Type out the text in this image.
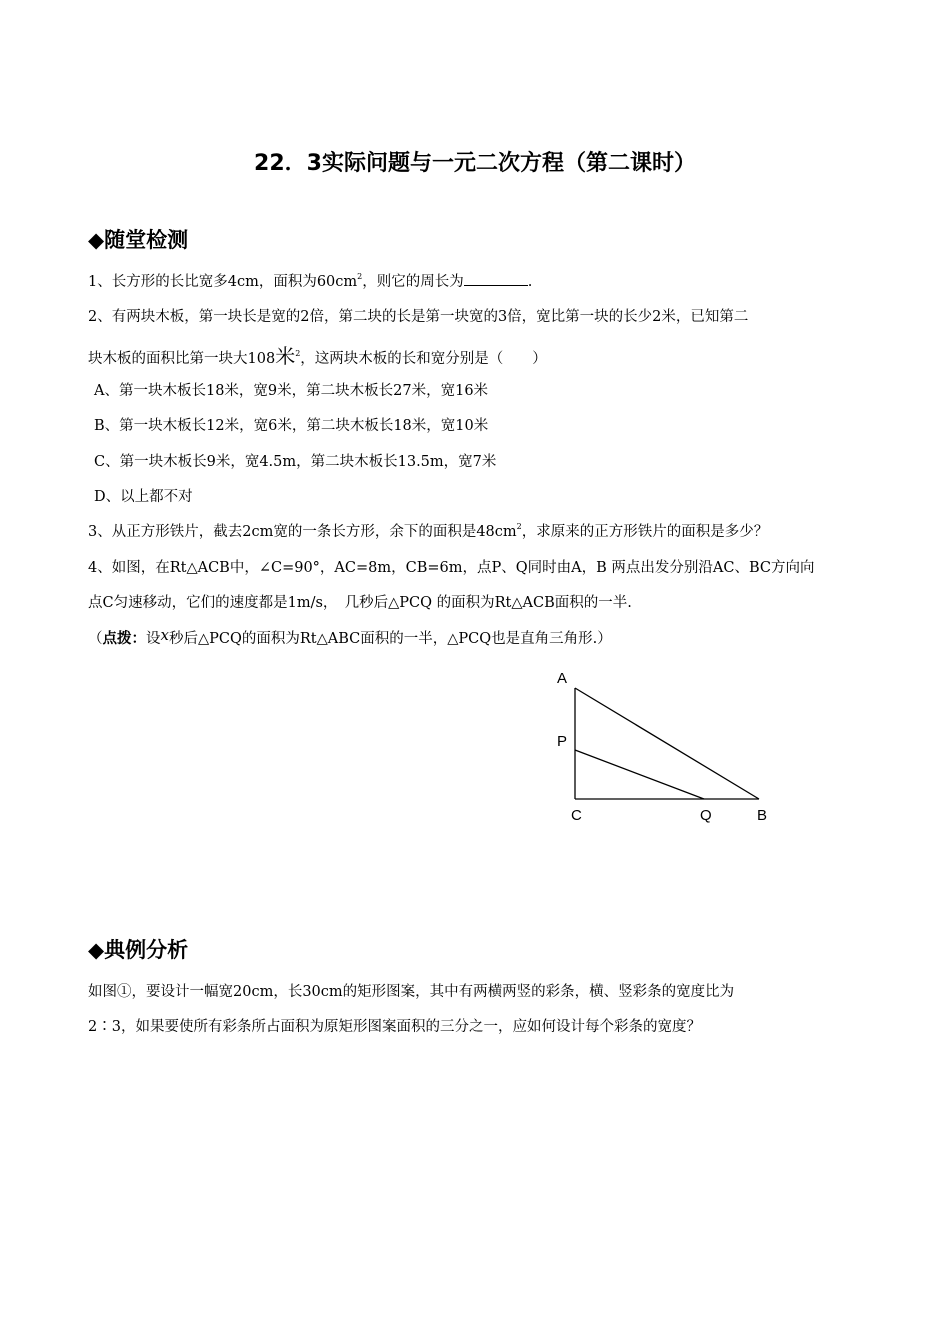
22．3实际问题与一元二次方程（第二课时）
◆随堂检测
1、长方形的长比宽多4cm，面积为$60cm^2$，则它的周长为	.
2、有两块木板，第一块长是宽的2倍，第二块的长是第一块宽的3倍，宽比第一块的长少2米，已知第二
块木板的面积比第一块大108米$^2$，这两块木板的长和宽分别是（　　）
A、第一块木板长18米，宽9米，第二块木板长27米，宽16米
B、第一块木板长12米，宽6米，第二块木板长18米，宽10米
C、第一块木板长9米，宽4.5m，第二块木板长13.5m，宽7米
D、以上都不对
3、从正方形铁片，截去2cm宽的一条长方形，余下的面积是$48cm^2$，求原来的正方形铁片的面积是多少？
4、如图，在Rt△ACB中，∠C=90°，AC=8m，CB=6m，点P、Q同时由A，B 两点出发分别沿AC、BC方向向
点C匀速移动，它们的速度都是1m/s，　几秒后△PCQ 的面积为Rt△ACB面积的一半.
（点拨：设x秒后△PCQ的面积为Rt△ABC面积的一半，△PCQ也是直角三角形.）
A
P
C	Q	B
◆典例分析
如图①，要设计一幅宽20cm，长30cm的矩形图案，其中有两横两竖的彩条，横、竖彩条的宽度比为
2∶3，如果要使所有彩条所占面积为原矩形图案面积的三分之一，应如何设计每个彩条的宽度？
